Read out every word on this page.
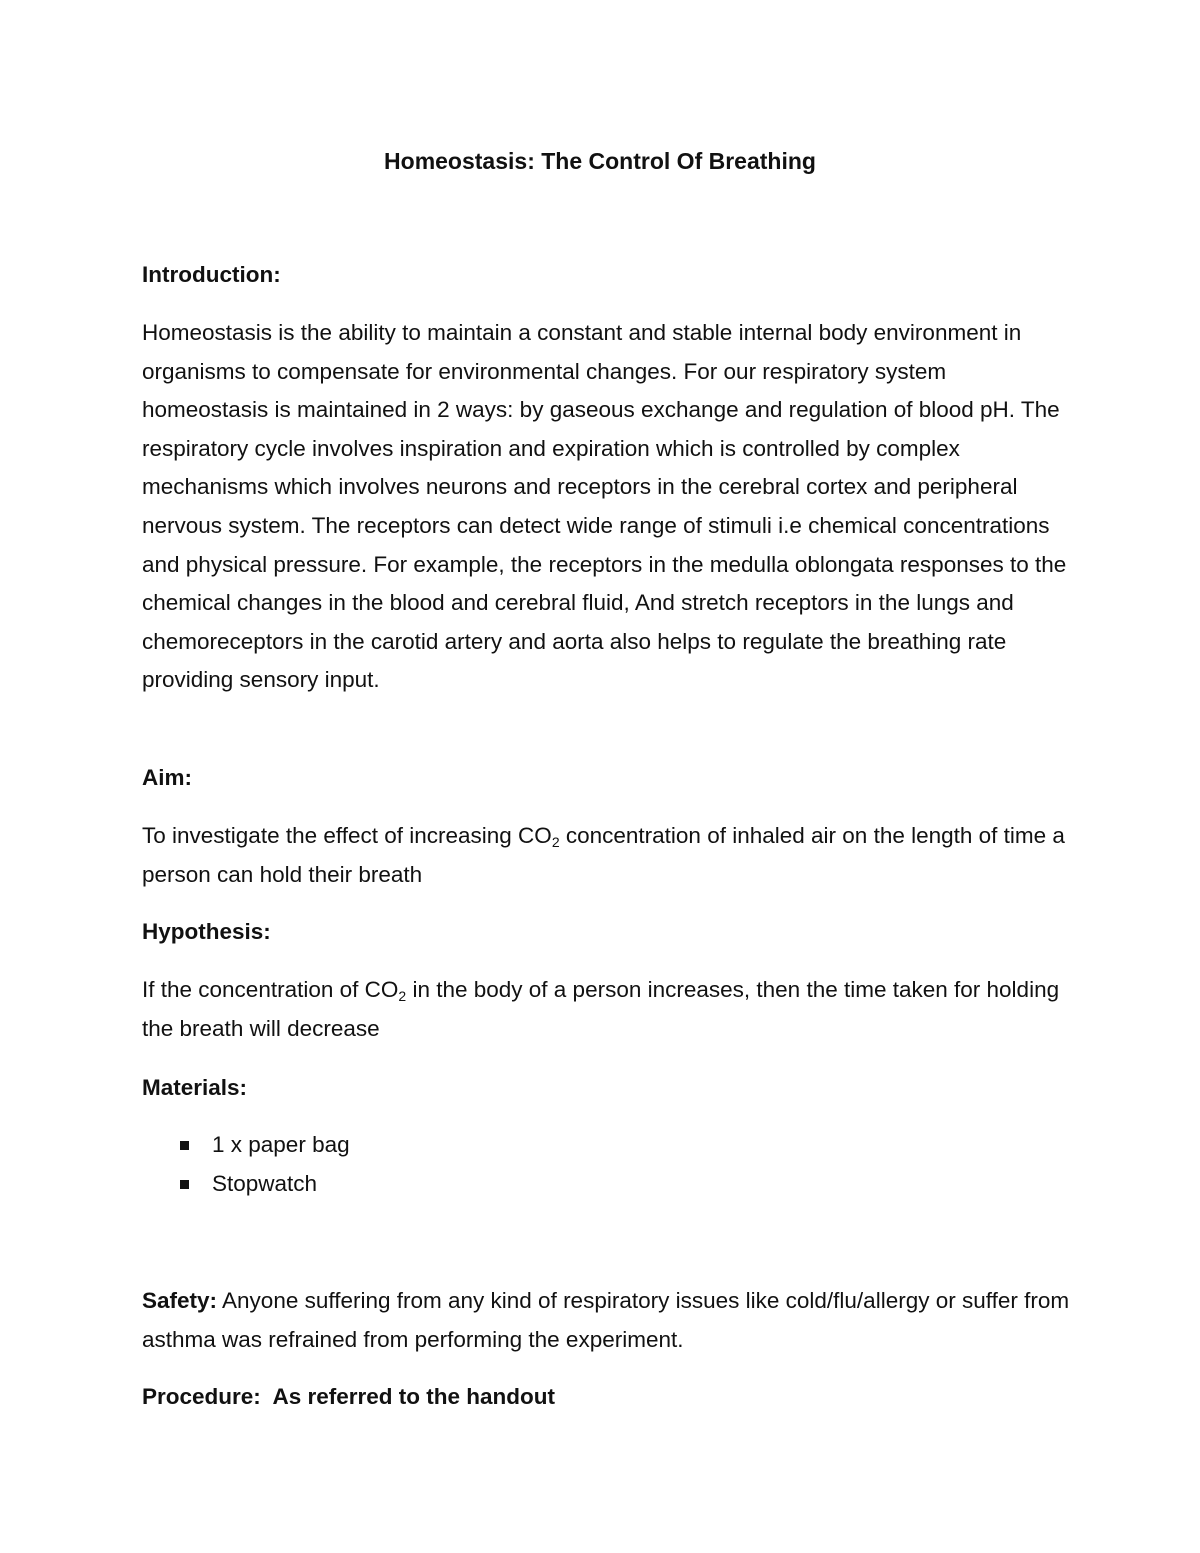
Homeostasis: The Control Of Breathing
Introduction:
Homeostasis is the ability to maintain a constant and stable internal body environment in organisms to compensate for environmental changes. For our respiratory system homeostasis is maintained in 2 ways: by gaseous exchange and regulation of blood pH. The respiratory cycle involves inspiration and expiration which is controlled by complex mechanisms which involves neurons and receptors in the cerebral cortex and peripheral nervous system. The receptors can detect wide range of stimuli i.e chemical concentrations and physical pressure. For example, the receptors in the medulla oblongata responses to the chemical changes in the blood and cerebral fluid, And stretch receptors in the lungs and chemoreceptors in the carotid artery and aorta also helps to regulate the breathing rate providing sensory input.
Aim:
To investigate the effect of increasing $CO_2$ concentration of inhaled air on the length of time a person can hold their breath
Hypothesis:
If the concentration of $CO_2$ in the body of a person increases, then the time taken for holding the breath will decrease
Materials:
1 x paper bag
Stopwatch
Safety: Anyone suffering from any kind of respiratory issues like cold/flu/allergy or suffer from asthma was refrained from performing the experiment.
Procedure:  As referred to the handout
